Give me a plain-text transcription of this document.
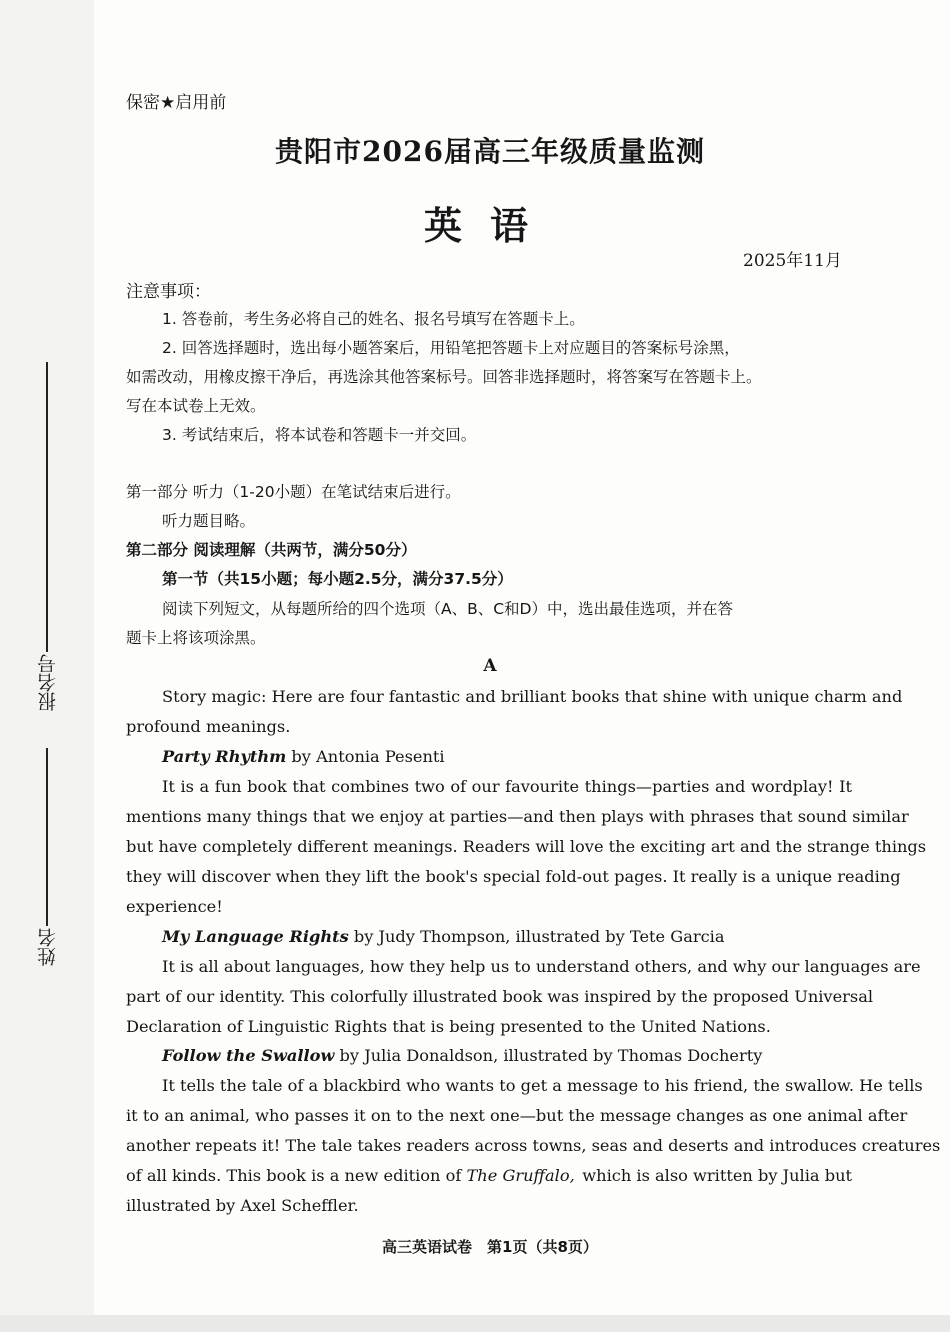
报名号
姓名
保密★启用前
贵阳市2026届高三年级质量监测
英语
2025年11月
注意事项：
1. 答卷前，考生务必将自己的姓名、报名号填写在答题卡上。
2. 回答选择题时，选出每小题答案后，用铅笔把答题卡上对应题目的答案标号涂黑，
如需改动，用橡皮擦干净后，再选涂其他答案标号。回答非选择题时，将答案写在答题卡上。
写在本试卷上无效。
3. 考试结束后，将本试卷和答题卡一并交回。
第一部分 听力（1-20小题）在笔试结束后进行。
听力题目略。
第二部分 阅读理解（共两节，满分50分）
第一节（共15小题；每小题2.5分，满分37.5分）
阅读下列短文，从每题所给的四个选项（A、B、C和D）中，选出最佳选项，并在答
题卡上将该项涂黑。
A
Story magic: Here are four fantastic and brilliant books that shine with unique charm and
profound meanings.
Party Rhythm by Antonia Pesenti
It is a fun book that combines two of our favourite things—parties and wordplay! It
mentions many things that we enjoy at parties—and then plays with phrases that sound similar
but have completely different meanings. Readers will love the exciting art and the strange things
they will discover when they lift the book's special fold-out pages. It really is a unique reading
experience!
My Language Rights by Judy Thompson, illustrated by Tete Garcia
It is all about languages, how they help us to understand others, and why our languages are
part of our identity. This colorfully illustrated book was inspired by the proposed Universal
Declaration of Linguistic Rights that is being presented to the United Nations.
Follow the Swallow by Julia Donaldson, illustrated by Thomas Docherty
It tells the tale of a blackbird who wants to get a message to his friend, the swallow. He tells
it to an animal, who passes it on to the next one—but the message changes as one animal after
another repeats it! The tale takes readers across towns, seas and deserts and introduces creatures
of all kinds. This book is a new edition of The Gruffalo, which is also written by Julia but
illustrated by Axel Scheffler.
高三英语试卷　第1页（共8页）
